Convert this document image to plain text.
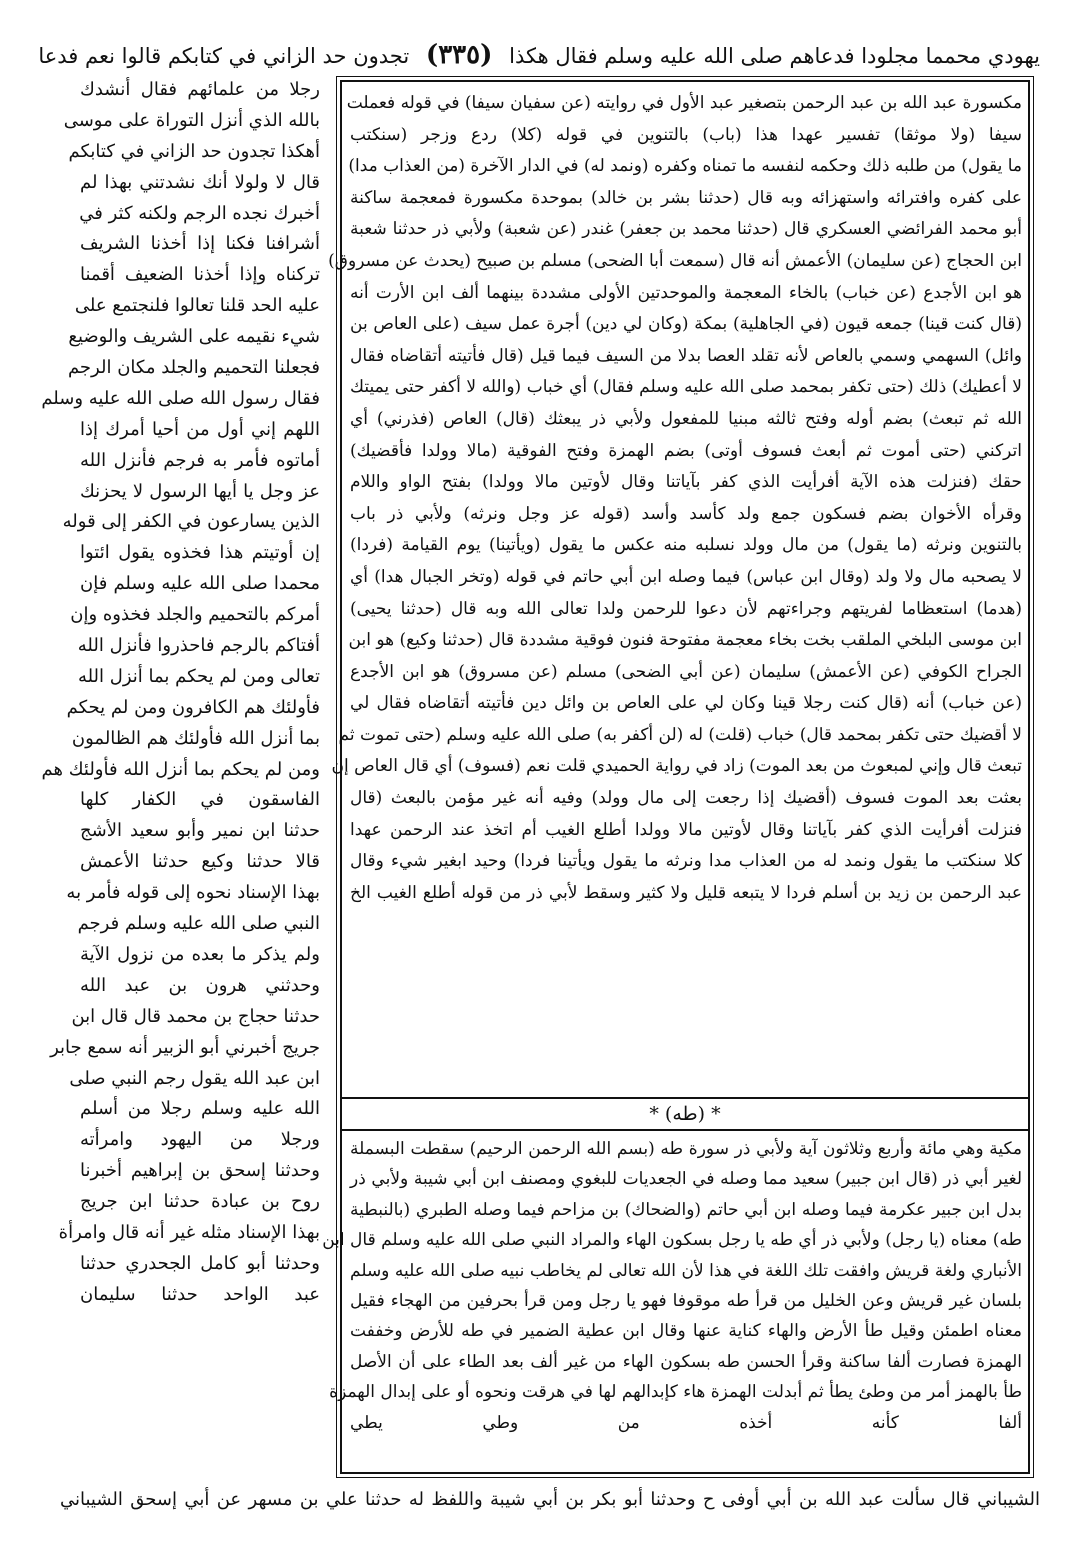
يهودي محمما مجلودا فدعاهم صلى الله عليه وسلم فقال هكذا (٣٣٥) تجدون حد الزاني في كتابكم قالوا نعم فدعا
رجلا من علمائهم فقال أنشدك
بالله الذي أنزل التوراة على موسى
أهكذا تجدون حد الزاني في كتابكم
قال لا ولولا أنك نشدتني بهذا لم
أخبرك نجده الرجم ولكنه كثر في
أشرافنا فكنا إذا أخذنا الشريف
تركناه وإذا أخذنا الضعيف أقمنا
عليه الحد قلنا تعالوا فلنجتمع على
شيء نقيمه على الشريف والوضيع
فجعلنا التحميم والجلد مكان الرجم
فقال رسول الله صلى الله عليه وسلم
اللهم إني أول من أحيا أمرك إذا
أماتوه فأمر به فرجم فأنزل الله
عز وجل يا أيها الرسول لا يحزنك
الذين يسارعون في الكفر إلى قوله
إن أوتيتم هذا فخذوه يقول ائتوا
محمدا صلى الله عليه وسلم فإن
أمركم بالتحميم والجلد فخذوه وإن
أفتاكم بالرجم فاحذروا فأنزل الله
تعالى ومن لم يحكم بما أنزل الله
فأولئك هم الكافرون ومن لم يحكم
بما أنزل الله فأولئك هم الظالمون
ومن لم يحكم بما أنزل الله فأولئك هم
الفاسقون في الكفار كلها
حدثنا ابن نمير وأبو سعيد الأشج
قالا حدثنا وكيع حدثنا الأعمش
بهذا الإسناد نحوه إلى قوله فأمر به
النبي صلى الله عليه وسلم فرجم
ولم يذكر ما بعده من نزول الآية
وحدثني هرون بن عبد الله
حدثنا حجاج بن محمد قال قال ابن
جريج أخبرني أبو الزبير أنه سمع جابر
ابن عبد الله يقول رجم النبي صلى
الله عليه وسلم رجلا من أسلم
ورجلا من اليهود وامرأته
وحدثنا إسحق بن إبراهيم أخبرنا
روح بن عبادة حدثنا ابن جريج
بهذا الإسناد مثله غير أنه قال وامرأة
وحدثنا أبو كامل الجحدري حدثنا
عبد الواحد حدثنا سليمان
مكسورة عبد الله بن عبد الرحمن بتصغير عبد الأول في روايته (عن سفيان سيفا) في قوله فعملت
سيفا (ولا موثقا) تفسير عهدا هذا (باب) بالتنوين في قوله (كلا) ردع وزجر (سنكتب
ما يقول) من طلبه ذلك وحكمه لنفسه ما تمناه وكفره (ونمد له) في الدار الآخرة (من العذاب مدا)
على كفره وافترائه واستهزائه وبه قال (حدثنا بشر بن خالد) بموحدة مكسورة فمعجمة ساكنة
أبو محمد الفرائضي العسكري قال (حدثنا محمد بن جعفر) غندر (عن شعبة) ولأبي ذر حدثنا شعبة
ابن الحجاج (عن سليمان) الأعمش أنه قال (سمعت أبا الضحى) مسلم بن صبيح (يحدث عن مسروق)
هو ابن الأجدع (عن خباب) بالخاء المعجمة والموحدتين الأولى مشددة بينهما ألف ابن الأرت أنه
(قال كنت قينا) جمعه قيون (في الجاهلية) بمكة (وكان لي دين) أجرة عمل سيف (على العاص بن
وائل) السهمي وسمي بالعاص لأنه تقلد العصا بدلا من السيف فيما قيل (قال فأتيته أتقاضاه فقال
لا أعطيك) ذلك (حتى تكفر بمحمد صلى الله عليه وسلم فقال) أي خباب (والله لا أكفر حتى يميتك
الله ثم تبعث) بضم أوله وفتح ثالثه مبنيا للمفعول ولأبي ذر يبعثك (قال) العاص (فذرني) أي
اتركني (حتى أموت ثم أبعث فسوف أوتى) بضم الهمزة وفتح الفوقية (مالا وولدا فأقضيك)
حقك (فنزلت هذه الآية أفرأيت الذي كفر بآياتنا وقال لأوتين مالا وولدا) بفتح الواو واللام
وقرأه الأخوان بضم فسكون جمع ولد كأسد وأسد (قوله عز وجل ونرثه) ولأبي ذر باب
بالتنوين ونرثه (ما يقول) من مال وولد نسلبه منه عكس ما يقول (ويأتينا) يوم القيامة (فردا)
لا يصحبه مال ولا ولد (وقال ابن عباس) فيما وصله ابن أبي حاتم في قوله (وتخر الجبال هدا) أي
(هدما) استعظاما لفريتهم وجراءتهم لأن دعوا للرحمن ولدا تعالى الله وبه قال (حدثنا يحيى)
ابن موسى البلخي الملقب بخت بخاء معجمة مفتوحة فنون فوقية مشددة قال (حدثنا وكيع) هو ابن
الجراح الكوفي (عن الأعمش) سليمان (عن أبي الضحى) مسلم (عن مسروق) هو ابن الأجدع
(عن خباب) أنه (قال كنت رجلا قينا وكان لي على العاص بن وائل دين فأتيته أتقاضاه فقال لي
لا أقضيك حتى تكفر بمحمد قال) خباب (قلت) له (لن أكفر به) صلى الله عليه وسلم (حتى تموت ثم
تبعث قال وإني لمبعوث من بعد الموت) زاد في رواية الحميدي قلت نعم (فسوف) أي قال العاص إن
بعثت بعد الموت فسوف (أقضيك إذا رجعت إلى مال وولد) وفيه أنه غير مؤمن بالبعث (قال
فنزلت أفرأيت الذي كفر بآياتنا وقال لأوتين مالا وولدا أطلع الغيب أم اتخذ عند الرحمن عهدا
كلا سنكتب ما يقول ونمد له من العذاب مدا ونرثه ما يقول ويأتينا فردا) وحيد ابغير شيء وقال
عبد الرحمن بن زيد بن أسلم فردا لا يتبعه قليل ولا كثير وسقط لأبي ذر من قوله أطلع الغيب الخ
* (طه) *
مكية وهي مائة وأربع وثلاثون آية ولأبي ذر سورة طه (بسم الله الرحمن الرحيم) سقطت البسملة
لغير أبي ذر (قال ابن جبير) سعيد مما وصله في الجعديات للبغوي ومصنف ابن أبي شيبة ولأبي ذر
بدل ابن جبير عكرمة فيما وصله ابن أبي حاتم (والضحاك) بن مزاحم فيما وصله الطبري (بالنبطية
طه) معناه (يا رجل) ولأبي ذر أي طه يا رجل بسكون الهاء والمراد النبي صلى الله عليه وسلم قال ابن
الأنباري ولغة قريش وافقت تلك اللغة في هذا لأن الله تعالى لم يخاطب نبيه صلى الله عليه وسلم
بلسان غير قريش وعن الخليل من قرأ طه موقوفا فهو يا رجل ومن قرأ بحرفين من الهجاء فقيل
معناه اطمئن وقيل طأ الأرض والهاء كناية عنها وقال ابن عطية الضمير في طه للأرض وخففت
الهمزة فصارت ألفا ساكنة وقرأ الحسن طه بسكون الهاء من غير ألف بعد الطاء على أن الأصل
طأ بالهمز أمر من وطئ يطأ ثم أبدلت الهمزة هاء كإبدالهم لها في هرقت ونحوه أو على إبدال الهمزة
ألفا كأنه أخذه من وطي يطي
الشيباني قال سألت عبد الله بن أبي أوفى ح وحدثنا أبو بكر بن أبي شيبة واللفظ له حدثنا علي بن مسهر عن أبي إسحق الشيباني
